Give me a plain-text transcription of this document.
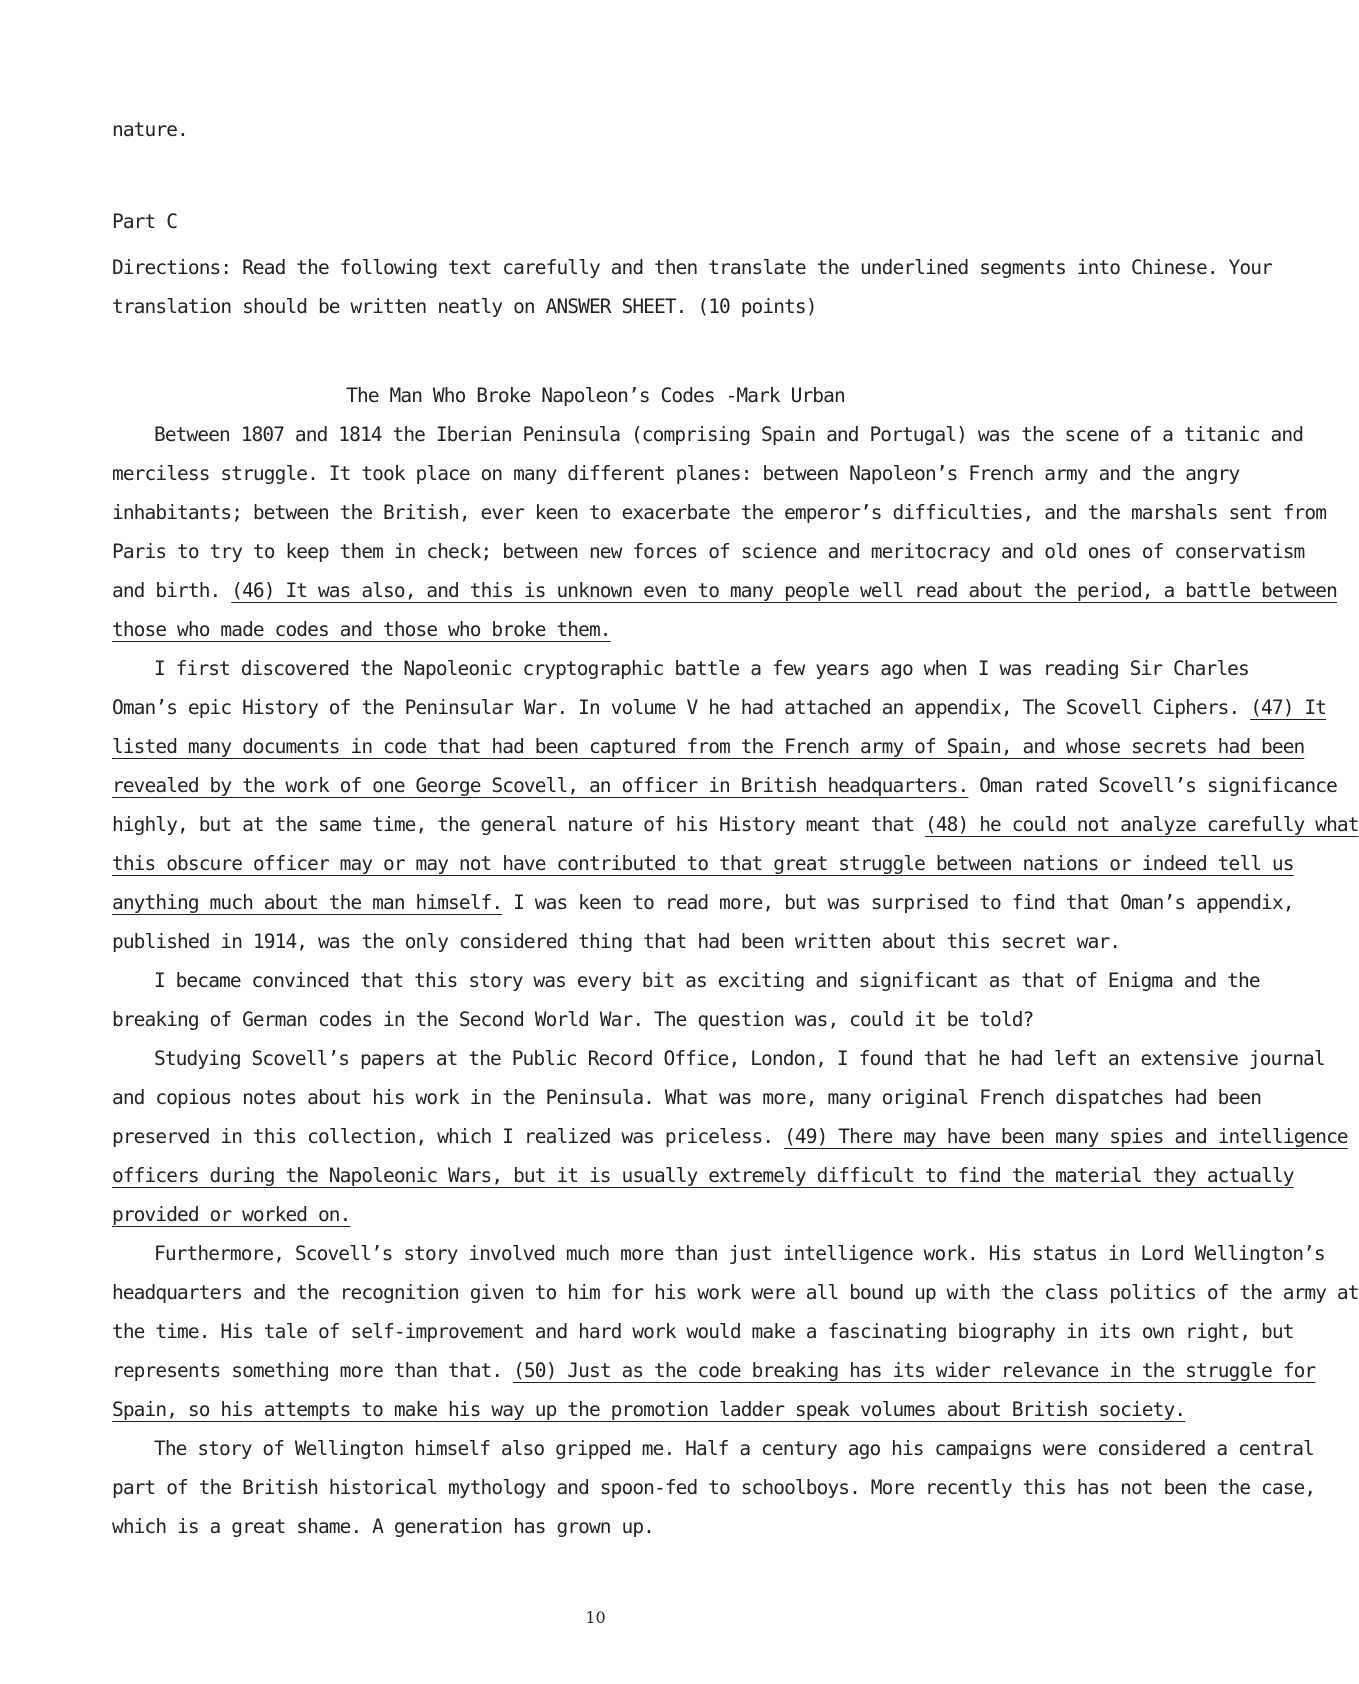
nature.
Part C
Directions: Read the following text carefully and then translate the underlined segments into Chinese. Your
translation should be written neatly on ANSWER SHEET. (10 points)
The Man Who Broke Napoleon’s Codes -Mark Urban
Between 1807 and 1814 the Iberian Peninsula (comprising Spain and Portugal) was the scene of a titanic and
merciless struggle. It took place on many different planes: between Napoleon’s French army and the angry
inhabitants; between the British, ever keen to exacerbate the emperor’s difficulties, and the marshals sent from
Paris to try to keep them in check; between new forces of science and meritocracy and old ones of conservatism
and birth. (46) It was also, and this is unknown even to many people well read about the period, a battle between
those who made codes and those who broke them.
I first discovered the Napoleonic cryptographic battle a few years ago when I was reading Sir Charles
Oman’s epic History of the Peninsular War. In volume V he had attached an appendix, The Scovell Ciphers. (47) It
listed many documents in code that had been captured from the French army of Spain, and whose secrets had been
revealed by the work of one George Scovell, an officer in British headquarters. Oman rated Scovell’s significance
highly, but at the same time, the general nature of his History meant that (48) he could not analyze carefully what
this obscure officer may or may not have contributed to that great struggle between nations or indeed tell us
anything much about the man himself. I was keen to read more, but was surprised to find that Oman’s appendix,
published in 1914, was the only considered thing that had been written about this secret war.
I became convinced that this story was every bit as exciting and significant as that of Enigma and the
breaking of German codes in the Second World War. The question was, could it be told?
Studying Scovell’s papers at the Public Record Office, London, I found that he had left an extensive journal
and copious notes about his work in the Peninsula. What was more, many original French dispatches had been
preserved in this collection, which I realized was priceless. (49) There may have been many spies and intelligence
officers during the Napoleonic Wars, but it is usually extremely difficult to find the material they actually
provided or worked on.
Furthermore, Scovell’s story involved much more than just intelligence work. His status in Lord Wellington’s
headquarters and the recognition given to him for his work were all bound up with the class politics of the army at
the time. His tale of self-improvement and hard work would make a fascinating biography in its own right, but
represents something more than that. (50) Just as the code breaking has its wider relevance in the struggle for
Spain, so his attempts to make his way up the promotion ladder speak volumes about British society.
The story of Wellington himself also gripped me. Half a century ago his campaigns were considered a central
part of the British historical mythology and spoon-fed to schoolboys. More recently this has not been the case,
which is a great shame. A generation has grown up.
10
